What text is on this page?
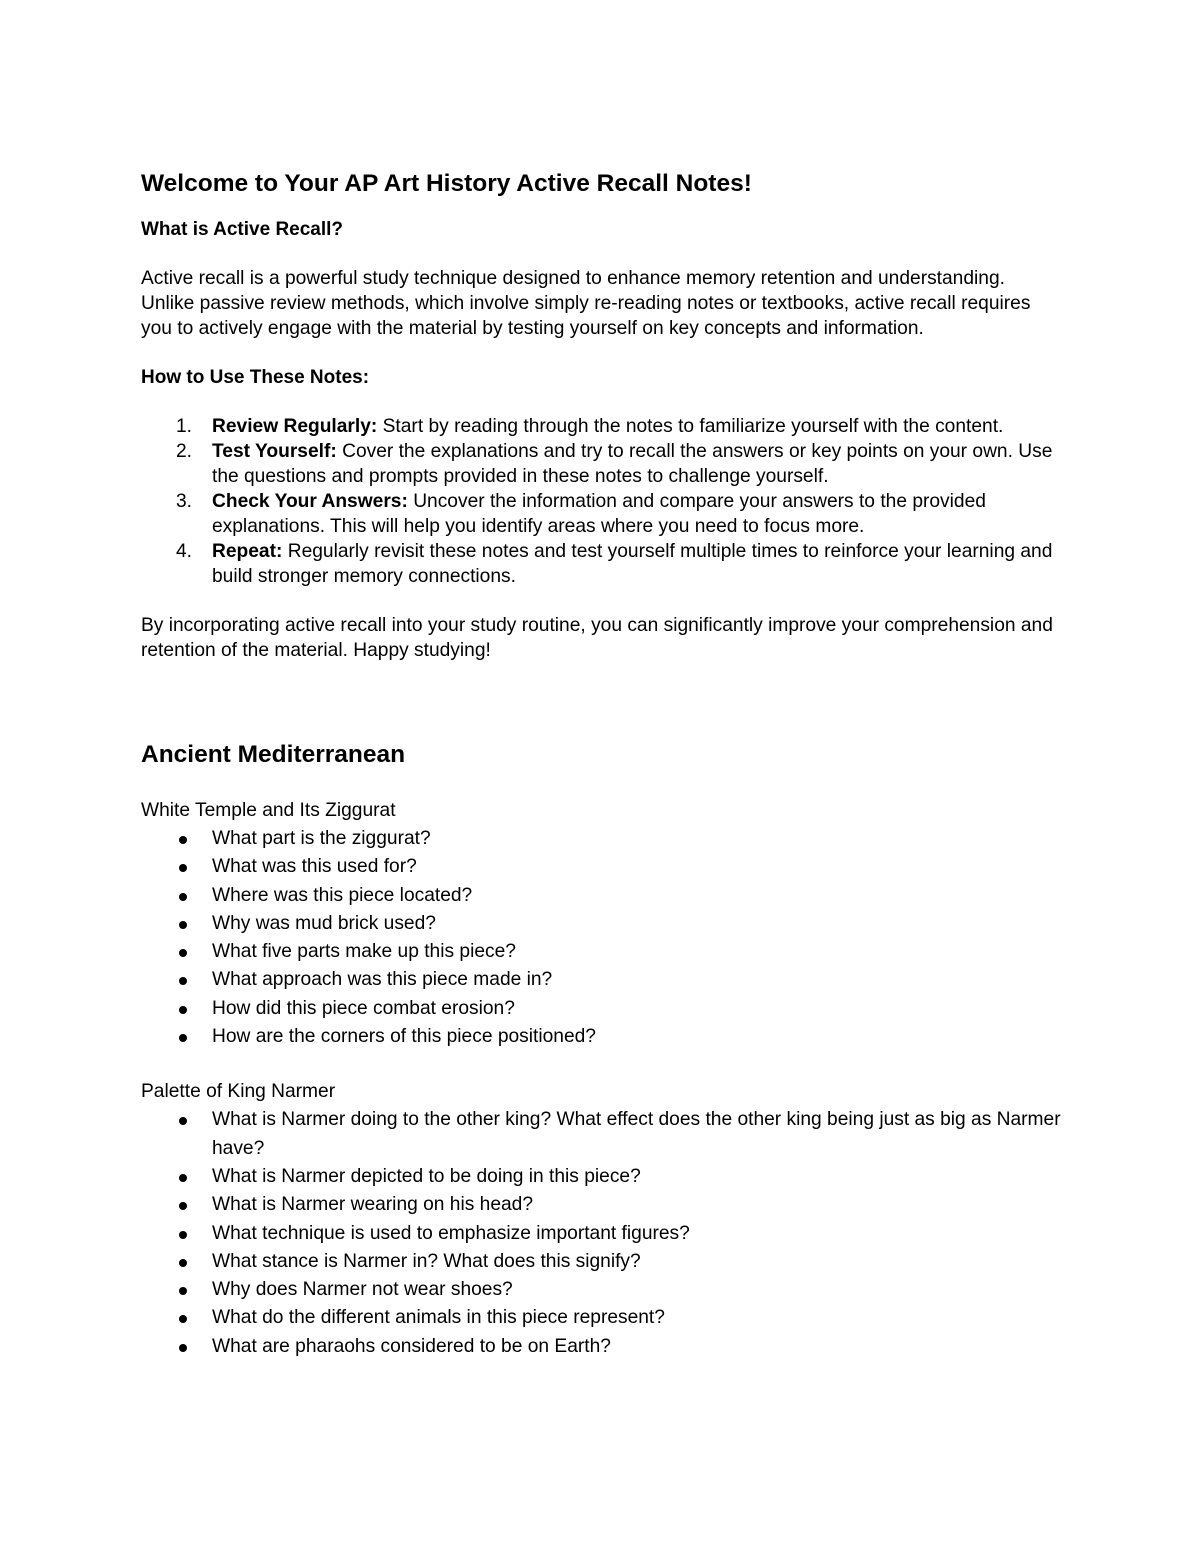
Welcome to Your AP Art History Active Recall Notes!
What is Active Recall?

Active recall is a powerful study technique designed to enhance memory retention and understanding. Unlike passive review methods, which involve simply re-reading notes or textbooks, active recall requires you to actively engage with the material by testing yourself on key concepts and information.

How to Use These Notes:
1. Review Regularly: Start by reading through the notes to familiarize yourself with the content.
2. Test Yourself: Cover the explanations and try to recall the answers or key points on your own. Use the questions and prompts provided in these notes to challenge yourself.
3. Check Your Answers: Uncover the information and compare your answers to the provided explanations. This will help you identify areas where you need to focus more.
4. Repeat: Regularly revisit these notes and test yourself multiple times to reinforce your learning and build stronger memory connections.

By incorporating active recall into your study routine, you can significantly improve your comprehension and retention of the material. Happy studying!

Ancient Mediterranean

White Temple and Its Ziggurat

What part is the ziggurat?
What was this used for?
Where was this piece located?
Why was mud brick used?
What five parts make up this piece?
What approach was this piece made in?
How did this piece combat erosion?
How are the corners of this piece positioned?

Palette of King Narmer

What is Narmer doing to the other king? What effect does the other king being just as big as Narmer have?
What is Narmer depicted to be doing in this piece?
What is Narmer wearing on his head?
What technique is used to emphasize important figures?
What stance is Narmer in? What does this signify?
Why does Narmer not wear shoes?
What do the different animals in this piece represent?
What are pharaohs considered to be on Earth?
